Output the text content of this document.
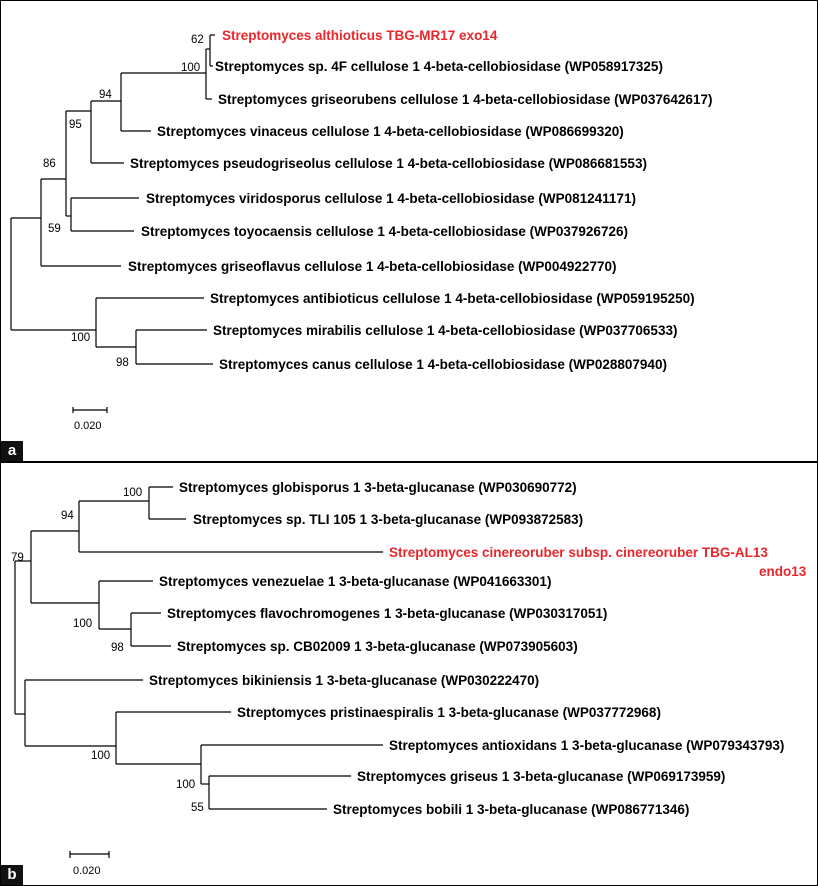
62
100
94
95
86
59
100
98
Streptomyces althioticus TBG-MR17 exo14
Streptomyces sp. 4F cellulose 1 4-beta-cellobiosidase (WP058917325)
Streptomyces griseorubens cellulose 1 4-beta-cellobiosidase (WP037642617)
Streptomyces vinaceus cellulose 1 4-beta-cellobiosidase (WP086699320)
Streptomyces pseudogriseolus cellulose 1 4-beta-cellobiosidase (WP086681553)
Streptomyces viridosporus cellulose 1 4-beta-cellobiosidase (WP081241171)
Streptomyces toyocaensis cellulose 1 4-beta-cellobiosidase (WP037926726)
Streptomyces griseoflavus cellulose 1 4-beta-cellobiosidase (WP004922770)
Streptomyces antibioticus cellulose 1 4-beta-cellobiosidase (WP059195250)
Streptomyces mirabilis cellulose 1 4-beta-cellobiosidase (WP037706533)
Streptomyces canus cellulose 1 4-beta-cellobiosidase (WP028807940)
0.020
a
100
94
79
100
98
100
100
55
Streptomyces globisporus 1 3-beta-glucanase (WP030690772)
Streptomyces sp. TLI 105 1 3-beta-glucanase (WP093872583)
Streptomyces cinereoruber subsp. cinereoruber TBG-AL13
endo13
Streptomyces venezuelae 1 3-beta-glucanase (WP041663301)
Streptomyces flavochromogenes 1 3-beta-glucanase (WP030317051)
Streptomyces sp. CB02009 1 3-beta-glucanase (WP073905603)
Streptomyces bikiniensis 1 3-beta-glucanase (WP030222470)
Streptomyces pristinaespiralis 1 3-beta-glucanase (WP037772968)
Streptomyces antioxidans 1 3-beta-glucanase (WP079343793)
Streptomyces griseus 1 3-beta-glucanase (WP069173959)
Streptomyces bobili 1 3-beta-glucanase (WP086771346)
0.020
b
